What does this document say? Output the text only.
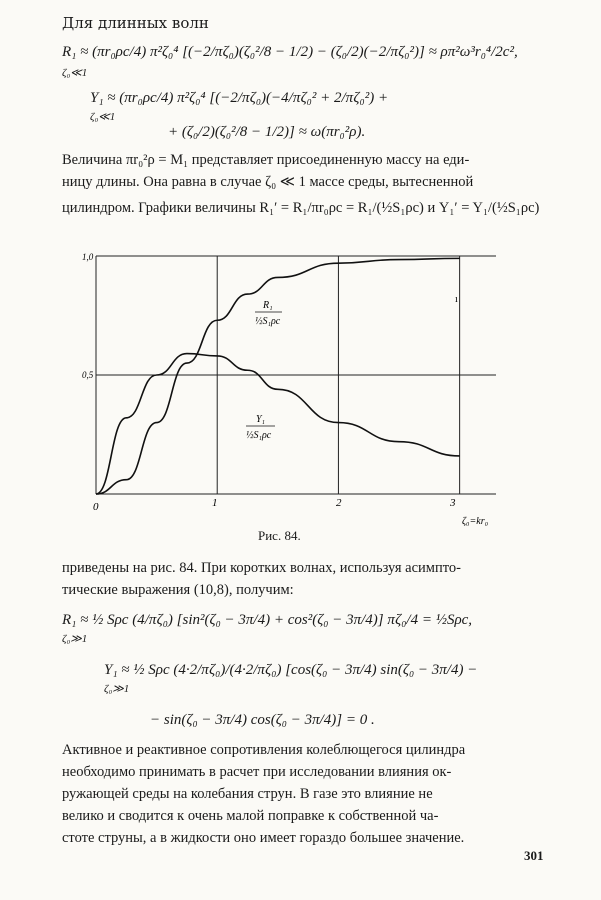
Для длинных волн
R₁ ≈ (πr₀ρc/4) π²ζ₀⁴ [(−2/πζ₀)(ζ₀²/8 − 1/2) − (ζ₀/2)(−2/πζ₀²)] ≈ ρπ²ω³r₀⁴/2c²,
ζ₀≪1
Y₁ ≈ (πr₀ρc/4) π²ζ₀⁴ [(−2/πζ₀)(−4/πζ₀² + 2/πζ₀²) +
ζ₀≪1
+ (ζ₀/2)(ζ₀²/8 − 1/2)] ≈ ω(πr₀²ρ).
Величина πr₀²ρ = M₁ представляет присоединенную массу на еди-
ницу длины. Она равна в случае ζ₀ ≪ 1 массе среды, вытесненной
цилиндром. Графики величины R₁′ = R₁/πr₀ρc = R₁/(½S₁ρc) и Y₁′ = Y₁/(½S₁ρc)
1,0
0,5
0	1	2	3
ζ₀=kr₀
R₁
½S₁ρc
Y₁
½S₁ρc
ı
Рис. 84.
приведены на рис. 84. При коротких волнах, используя асимпто-
тические выражения (10,8), получим:
R₁ ≈ ½ Sρc (4/πζ₀) [sin²(ζ₀ − 3π/4) + cos²(ζ₀ − 3π/4)] πζ₀/4 = ½Sρc,
ζ₀≫1
Y₁ ≈ ½ Sρc (4·2/πζ₀)/(4·2/πζ₀) [cos(ζ₀ − 3π/4) sin(ζ₀ − 3π/4) −
ζ₀≫1
− sin(ζ₀ − 3π/4) cos(ζ₀ − 3π/4)] = 0 .
Активное и реактивное сопротивления колеблющегося цилиндра
необходимо принимать в расчет при исследовании влияния ок-
ружающей среды на колебания струн. В газе это влияние не
велико и сводится к очень малой поправке к собственной ча-
стоте струны, а в жидкости оно имеет гораздо большее значение.
301
